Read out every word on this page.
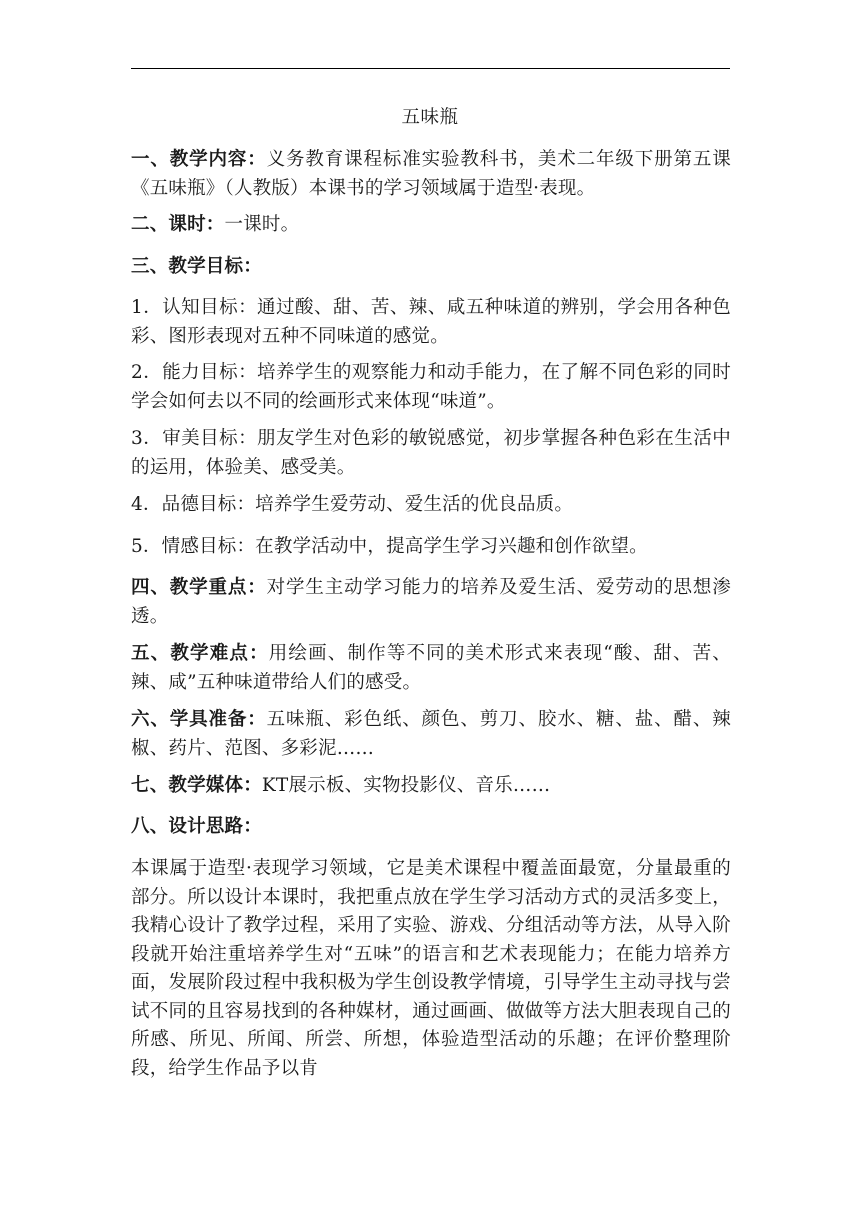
五味瓶

一、教学内容：义务教育课程标准实验教科书，美术二年级下册第五课《五味瓶》（人教版）本课书的学习领域属于造型·表现。

二、课时：一课时。

三、教学目标：

1．认知目标：通过酸、甜、苦、辣、咸五种味道的辨别，学会用各种色彩、图形表现对五种不同味道的感觉。

2．能力目标：培养学生的观察能力和动手能力，在了解不同色彩的同时学会如何去以不同的绘画形式来体现“味道”。

3．审美目标：朋友学生对色彩的敏锐感觉，初步掌握各种色彩在生活中的运用，体验美、感受美。

4．品德目标：培养学生爱劳动、爱生活的优良品质。

5．情感目标：在教学活动中，提高学生学习兴趣和创作欲望。

四、教学重点：对学生主动学习能力的培养及爱生活、爱劳动的思想渗透。

五、教学难点：用绘画、制作等不同的美术形式来表现“酸、甜、苦、辣、咸”五种味道带给人们的感受。

六、学具准备：五味瓶、彩色纸、颜色、剪刀、胶水、糖、盐、醋、辣椒、药片、范图、多彩泥……

七、教学媒体：KT展示板、实物投影仪、音乐……

八、设计思路：

本课属于造型·表现学习领域，它是美术课程中覆盖面最宽，分量最重的部分。所以设计本课时，我把重点放在学生学习活动方式的灵活多变上，我精心设计了教学过程，采用了实验、游戏、分组活动等方法，从导入阶段就开始注重培养学生对“五味”的语言和艺术表现能力；在能力培养方面，发展阶段过程中我积极为学生创设教学情境，引导学生主动寻找与尝试不同的且容易找到的各种媒材，通过画画、做做等方法大胆表现自己的所感、所见、所闻、所尝、所想，体验造型活动的乐趣；在评价整理阶段，给学生作品予以肯
